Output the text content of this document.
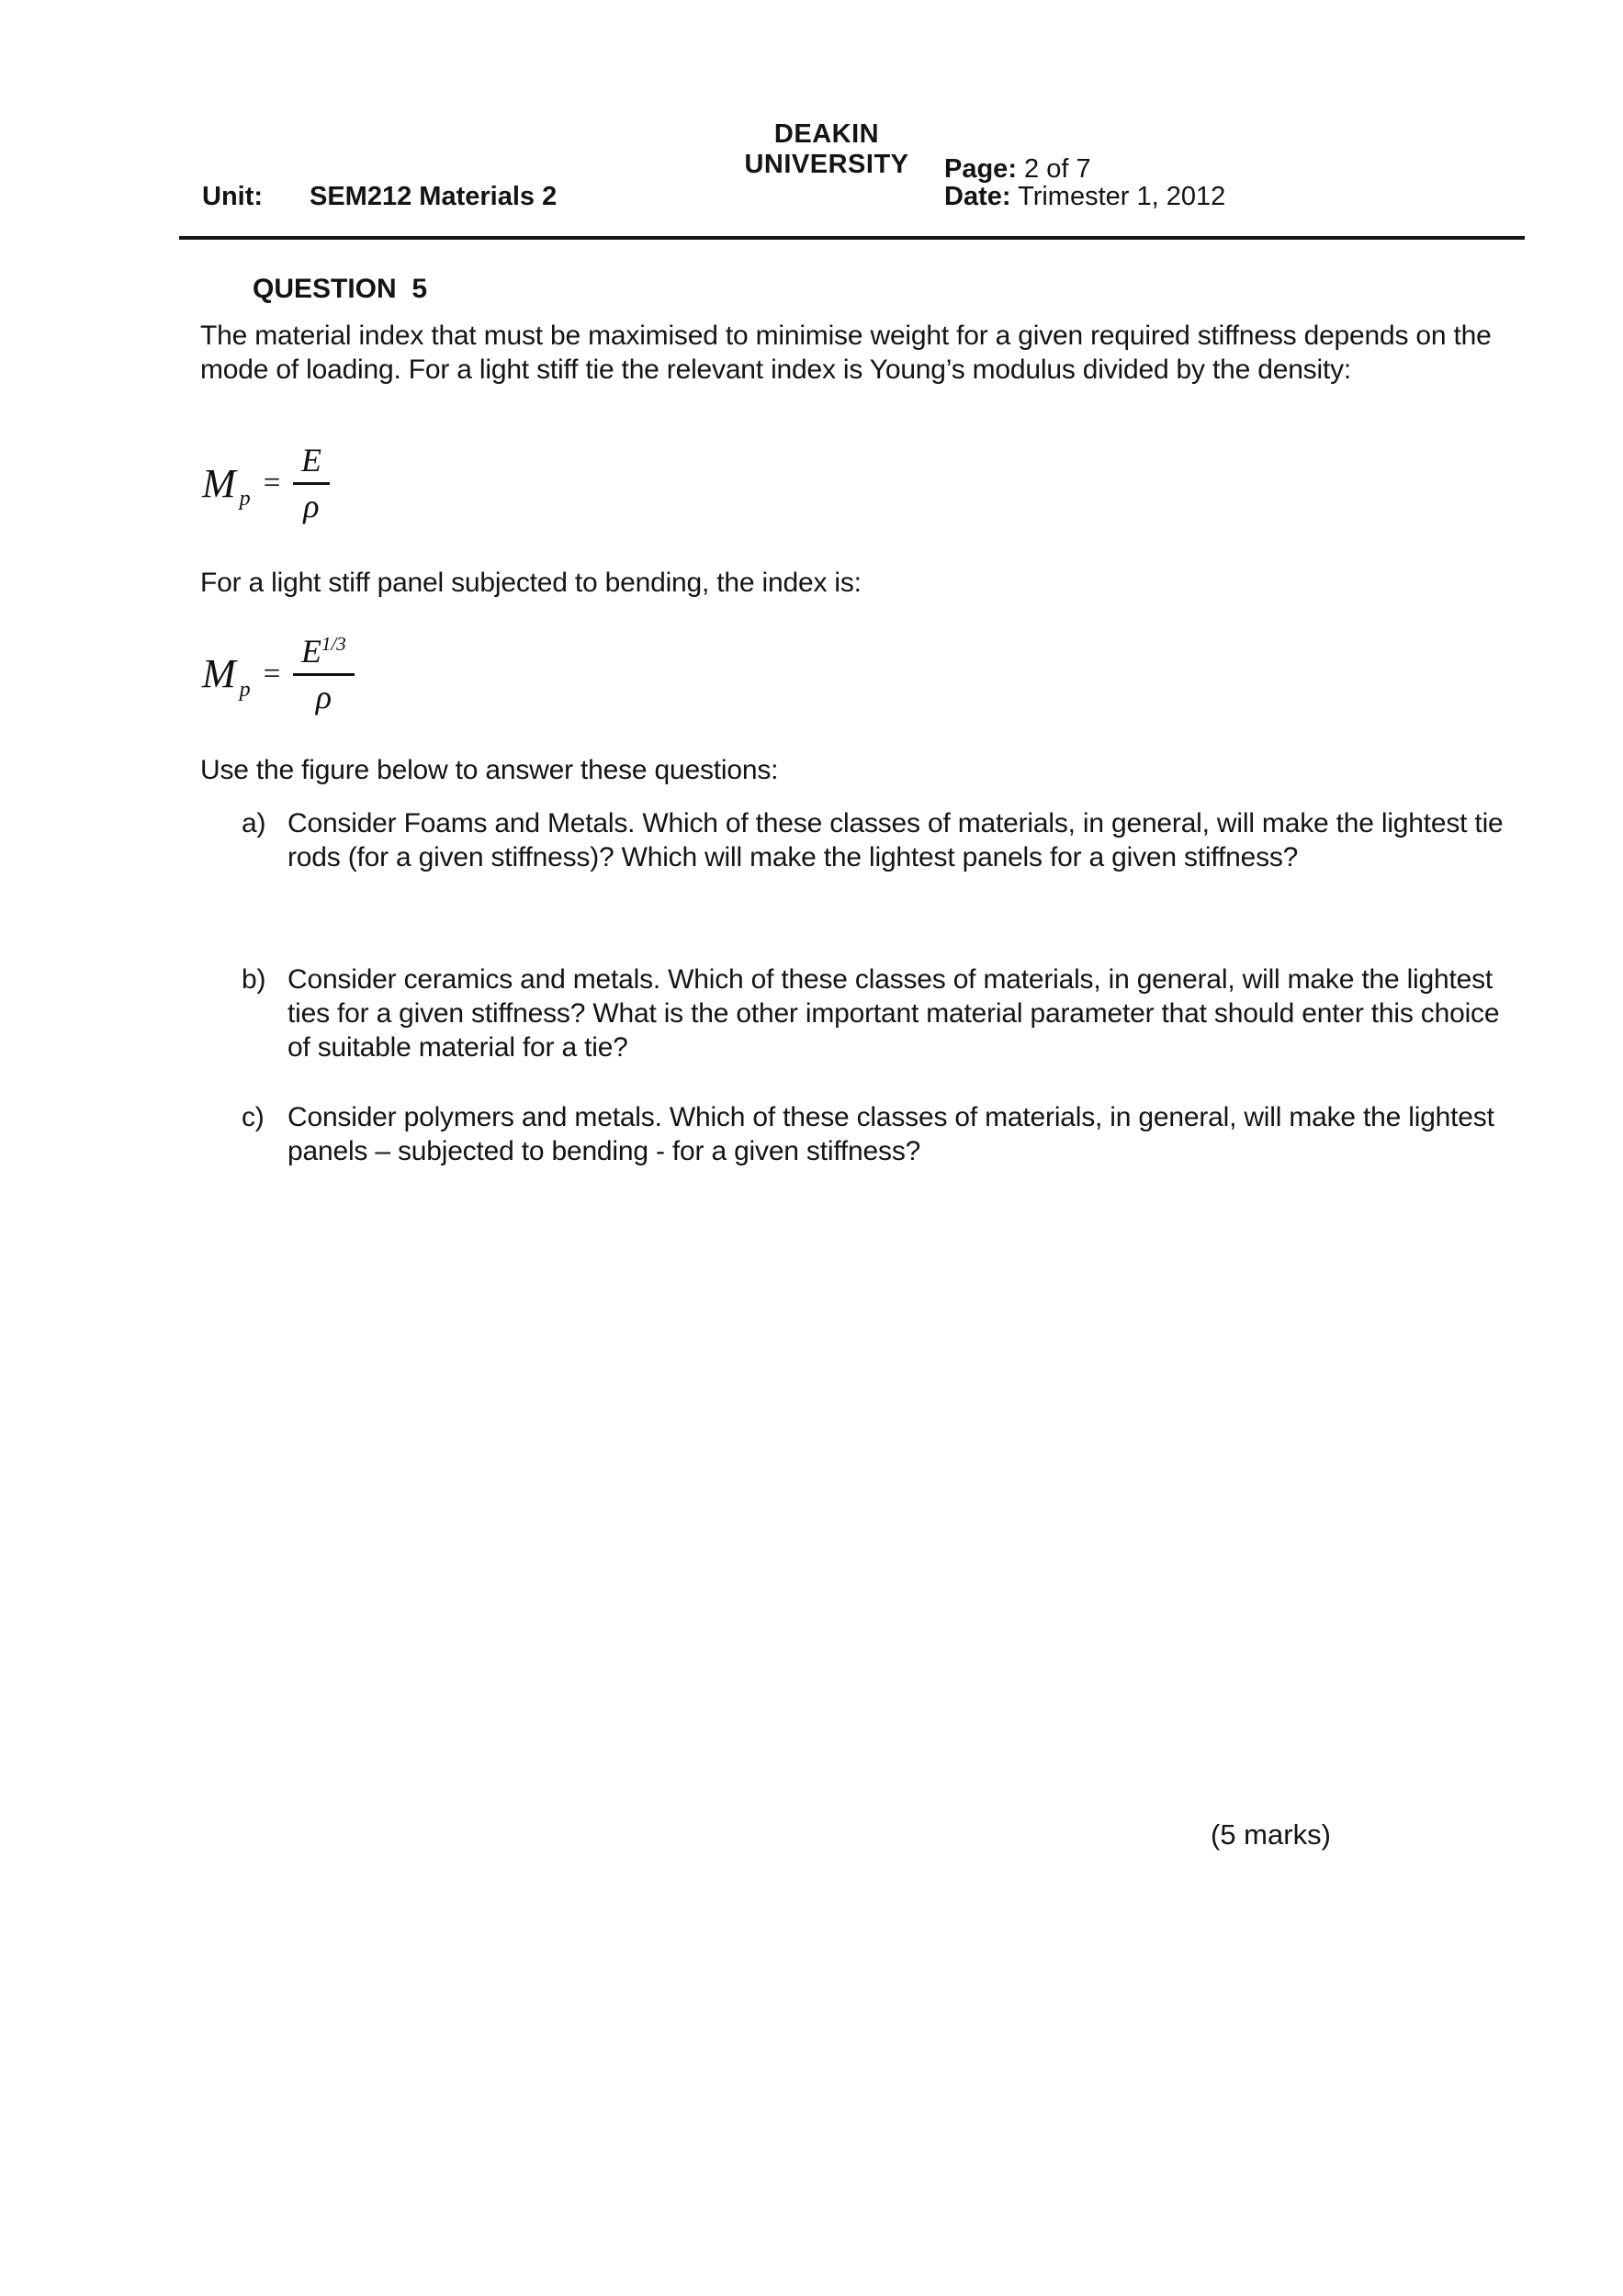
DEAKIN UNIVERSITY	Page: 2 of 7
Date: Trimester 1, 2012
Unit: SEM212 Materials 2
QUESTION  5
The material index that must be maximised to minimise weight for a given required stiffness depends on the mode of loading. For a light stiff tie the relevant index is Young’s modulus divided by the density:
M $p = \frac{E}{\rho}$
For a light stiff panel subjected to bending, the index is:
M $p = \frac{E^{1/3}}{\rho}$
Use the figure below to answer these questions:
a) Consider Foams and Metals. Which of these classes of materials, in general, will make the lightest tie rods (for a given stiffness)? Which will make the lightest panels for a given stiffness?
b) Consider ceramics and metals. Which of these classes of materials, in general, will make the lightest ties for a given stiffness? What is the other important material parameter that should enter this choice of suitable material for a tie?
c) Consider polymers and metals. Which of these classes of materials, in general, will make the lightest panels – subjected to bending - for a given stiffness?
(5 marks)
